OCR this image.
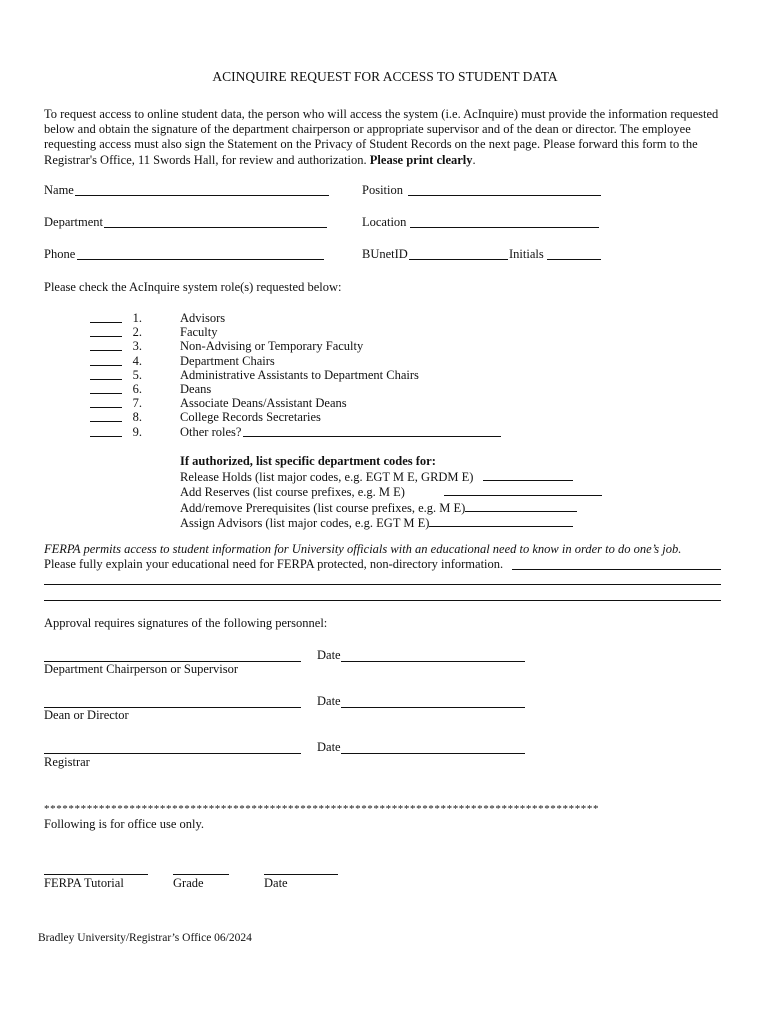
ACINQUIRE REQUEST FOR ACCESS TO STUDENT DATA
To request access to online student data, the person who will access the system (i.e. AcInquire) must provide the information requested below and obtain the signature of the department chairperson or appropriate supervisor and of the dean or director. The employee requesting access must also sign the Statement on the Privacy of Student Records on the next page. Please forward this form to the Registrar's Office, 11 Swords Hall, for review and authorization. Please print clearly.
Name	Position
Department	Location
Phone	BUnetID	Initials
Please check the AcInquire system role(s) requested below:
1.	Advisors
2.	Faculty
3.	Non-Advising or Temporary Faculty
4.	Department Chairs
5.	Administrative Assistants to Department Chairs
6.	Deans
7.	Associate Deans/Assistant Deans
8.	College Records Secretaries
9.	Other roles?
If authorized, list specific department codes for:
Release Holds (list major codes, e.g. EGT M E, GRDM E)
Add Reserves (list course prefixes, e.g. M E)
Add/remove Prerequisites (list course prefixes, e.g. M E)
Assign Advisors (list major codes, e.g. EGT M E)
FERPA permits access to student information for University officials with an educational need to know in order to do one’s job.
Please fully explain your educational need for FERPA protected, non-directory information.
Approval requires signatures of the following personnel:
Date
Department Chairperson or Supervisor
Date
Dean or Director
Date
Registrar
*******************************************************************************************
Following is for office use only.
FERPA Tutorial	Grade	Date
Bradley University/Registrar’s Office 06/2024
